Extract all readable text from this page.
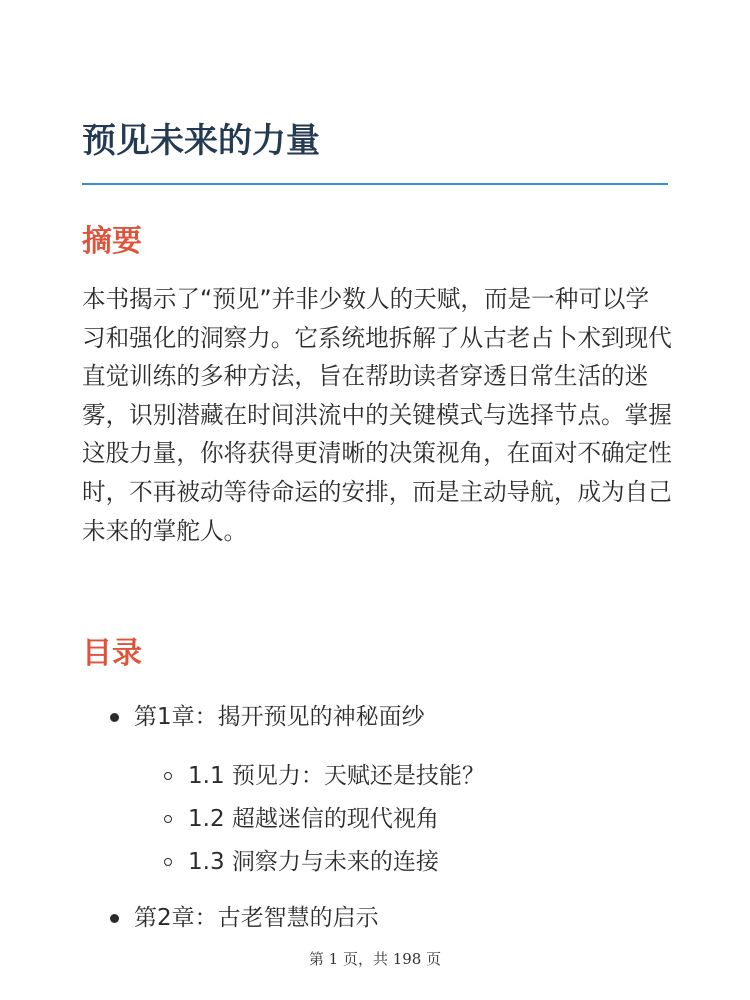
预见未来的力量
摘要

本书揭示了“预见”并非少数人的天赋，而是一种可以学习和强化的洞察力。它系统地拆解了从古老占卜术到现代直觉训练的多种方法，旨在帮助读者穿透日常生活的迷雾，识别潜藏在时间洪流中的关键模式与选择节点。掌握这股力量，你将获得更清晰的决策视角，在面对不确定性时，不再被动等待命运的安排，而是主动导航，成为自己未来的掌舵人。

目录

第1章：揭开预见的神秘面纱

1.1 预见力：天赋还是技能？

1.2 超越迷信的现代视角

1.3 洞察力与未来的连接

第2章：古老智慧的启示

第 1 页，共 198 页
